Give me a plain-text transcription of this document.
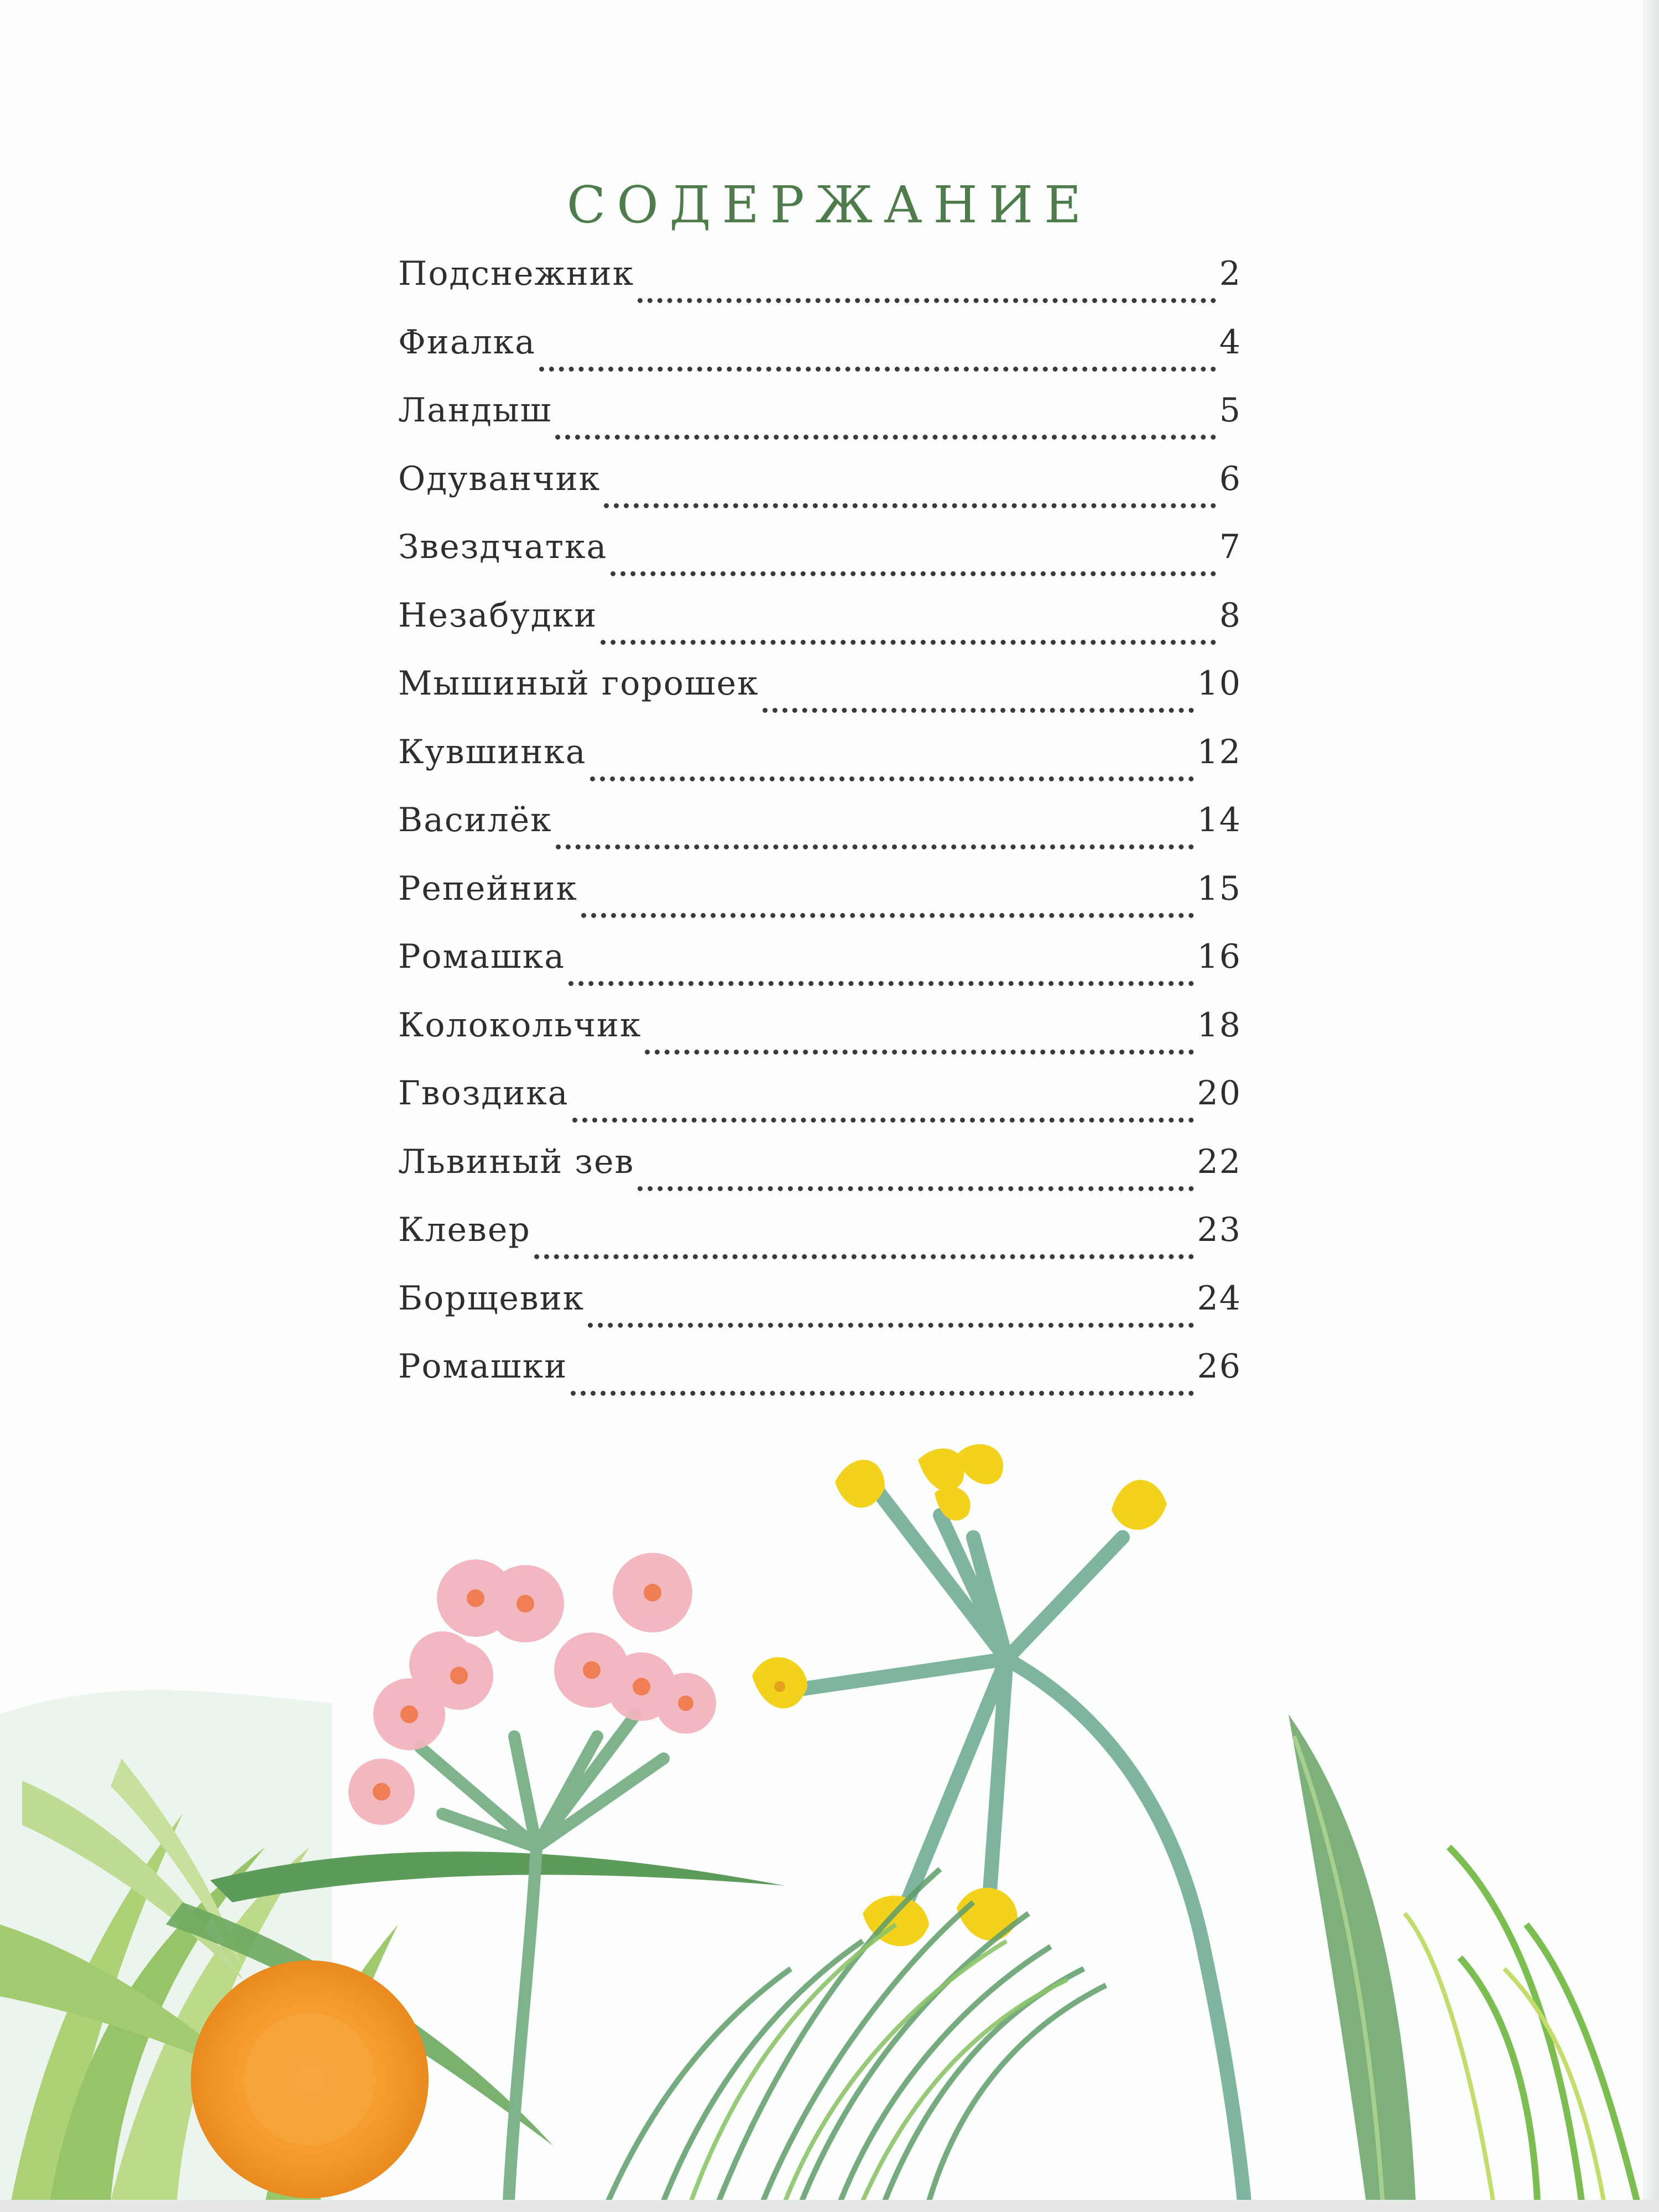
СОДЕРЖАНИЕ
Подснежник	2
Фиалка	4
Ландыш	5
Одуванчик	6
Звездчатка	7
Незабудки	8
Мышиный горошек	10
Кувшинка	12
Василёк	14
Репейник	15
Ромашка	16
Колокольчик	18
Гвоздика	20
Львиный зев	22
Клевер	23
Борщевик	24
Ромашки	26
